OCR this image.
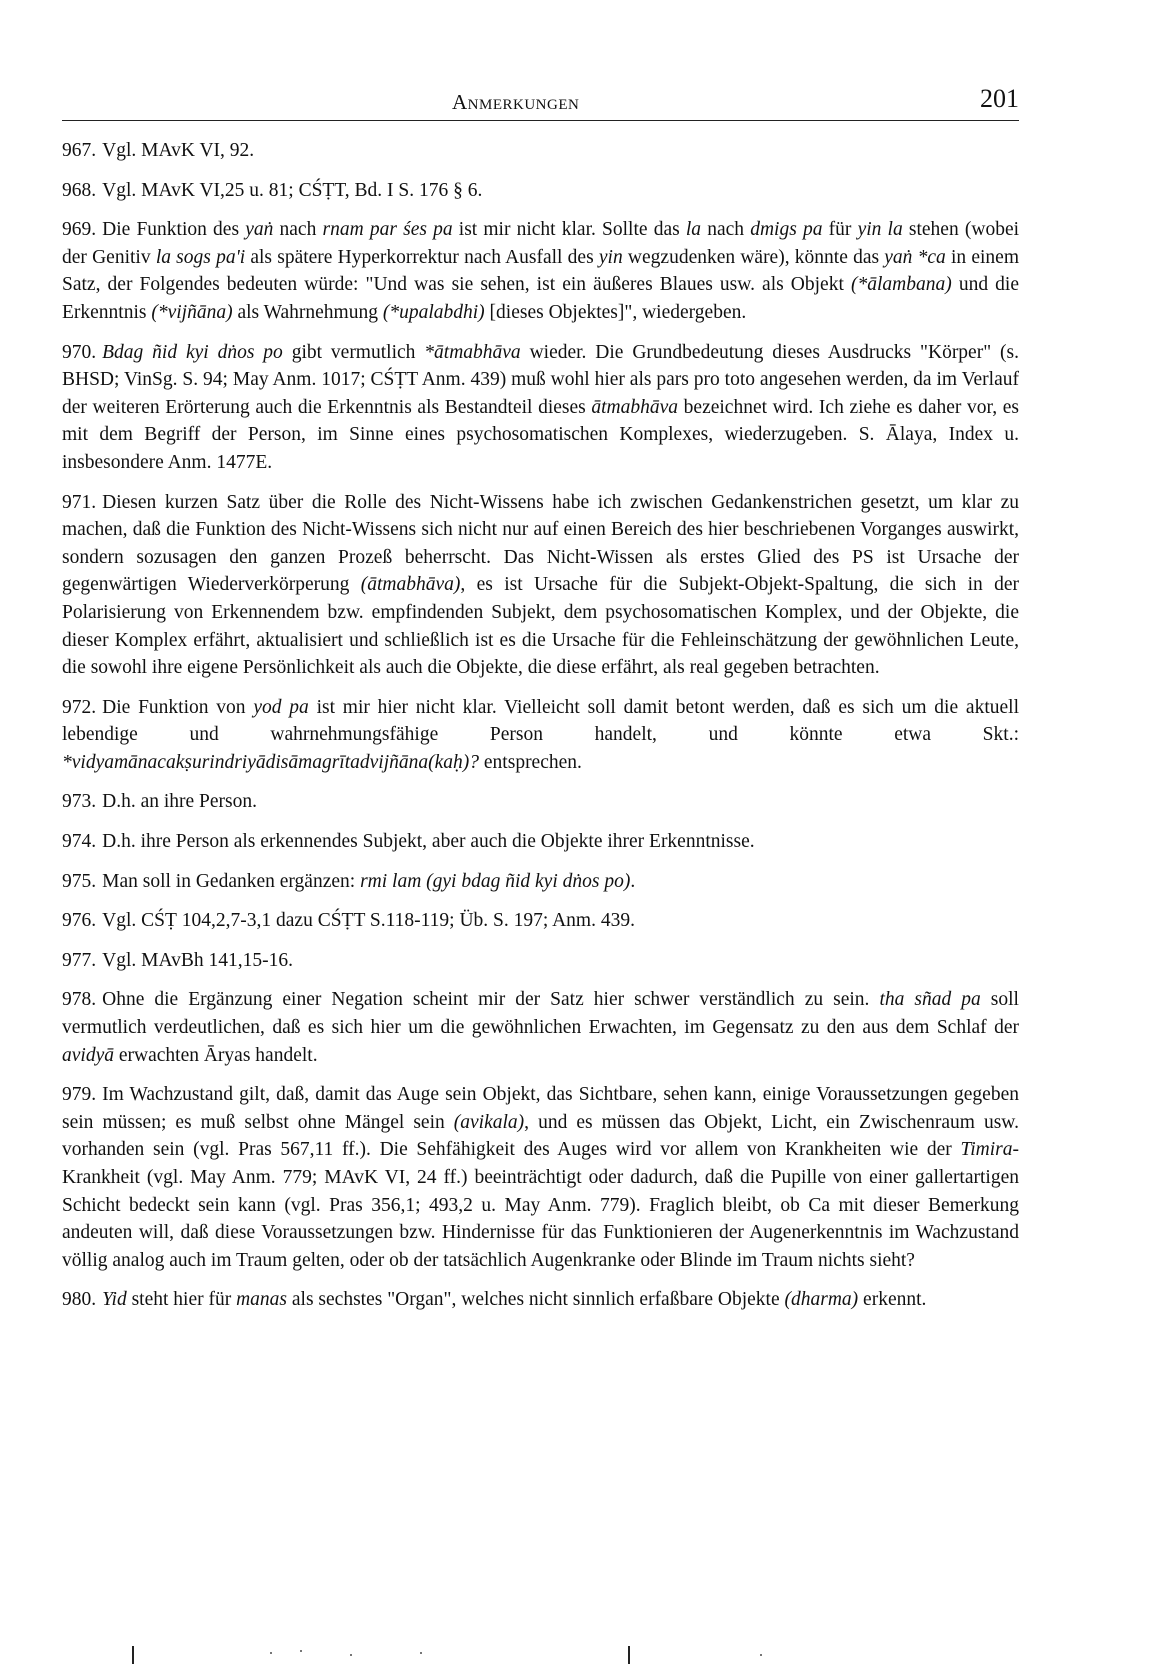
Anmerkungen	201

967. Vgl. MAvK VI, 92.

968. Vgl. MAvK VI,25 u. 81; CŚṬT, Bd. I S. 176 § 6.

969. Die Funktion des yaṅ nach rnam par śes pa ist mir nicht klar. Sollte das la nach dmigs pa für yin la stehen (wobei der Genitiv la sogs pa'i als spätere Hyperkorrektur nach Ausfall des yin wegzudenken wäre), könnte das yaṅ *ca in einem Satz, der Folgendes bedeuten würde: "Und was sie sehen, ist ein äußeres Blaues usw. als Objekt (*ālambana) und die Erkenntnis (*vijñāna) als Wahrnehmung (*upalabdhi) [dieses Objektes]", wiedergeben.

970. Bdag ñid kyi dṅos po gibt vermutlich *ātmabhāva wieder. Die Grundbedeutung dieses Ausdrucks "Körper" (s. BHSD; VinSg. S. 94; May Anm. 1017; CŚṬT Anm. 439) muß wohl hier als pars pro toto angesehen werden, da im Verlauf der weiteren Erörterung auch die Erkenntnis als Bestandteil dieses ātmabhāva bezeichnet wird. Ich ziehe es daher vor, es mit dem Begriff der Person, im Sinne eines psychosomatischen Komplexes, wiederzugeben. S. Ālaya, Index u. insbesondere Anm. 1477E.

971. Diesen kurzen Satz über die Rolle des Nicht-Wissens habe ich zwischen Gedankenstrichen gesetzt, um klar zu machen, daß die Funktion des Nicht-Wissens sich nicht nur auf einen Bereich des hier beschriebenen Vorganges auswirkt, sondern sozusagen den ganzen Prozeß beherrscht. Das Nicht-Wissen als erstes Glied des PS ist Ursache der gegenwärtigen Wiederverkörperung (ātmabhāva), es ist Ursache für die Subjekt-Objekt-Spaltung, die sich in der Polarisierung von Erkennendem bzw. empfindenden Subjekt, dem psychosomatischen Komplex, und der Objekte, die dieser Komplex erfährt, aktualisiert und schließlich ist es die Ursache für die Fehleinschätzung der gewöhnlichen Leute, die sowohl ihre eigene Persönlichkeit als auch die Objekte, die diese erfährt, als real gegeben betrachten.

972. Die Funktion von yod pa ist mir hier nicht klar. Vielleicht soll damit betont werden, daß es sich um die aktuell lebendige und wahrnehmungsfähige Person handelt, und könnte etwa Skt.: *vidyamānacakṣurindriyādisāmagrītadvijñāna(kaḥ)? entsprechen.

973. D.h. an ihre Person.

974. D.h. ihre Person als erkennendes Subjekt, aber auch die Objekte ihrer Erkenntnisse.

975. Man soll in Gedanken ergänzen: rmi lam (gyi bdag ñid kyi dṅos po).

976. Vgl. CŚṬ 104,2,7-3,1 dazu CŚṬT S.118-119; Üb. S. 197; Anm. 439.

977. Vgl. MAvBh 141,15-16.

978. Ohne die Ergänzung einer Negation scheint mir der Satz hier schwer verständlich zu sein. tha sñad pa soll vermutlich verdeutlichen, daß es sich hier um die gewöhnlichen Erwachten, im Gegensatz zu den aus dem Schlaf der avidyā erwachten Āryas handelt.

979. Im Wachzustand gilt, daß, damit das Auge sein Objekt, das Sichtbare, sehen kann, einige Voraussetzungen gegeben sein müssen; es muß selbst ohne Mängel sein (avikala), und es müssen das Objekt, Licht, ein Zwischenraum usw. vorhanden sein (vgl. Pras 567,11 ff.). Die Sehfähigkeit des Auges wird vor allem von Krankheiten wie der Timira-Krankheit (vgl. May Anm. 779; MAvK VI, 24 ff.) beeinträchtigt oder dadurch, daß die Pupille von einer gallertartigen Schicht bedeckt sein kann (vgl. Pras 356,1; 493,2 u. May Anm. 779). Fraglich bleibt, ob Ca mit dieser Bemerkung andeuten will, daß diese Voraussetzungen bzw. Hindernisse für das Funktionieren der Augenerkenntnis im Wachzustand völlig analog auch im Traum gelten, oder ob der tatsächlich Augenkranke oder Blinde im Traum nichts sieht?

980. Yid steht hier für manas als sechstes "Organ", welches nicht sinnlich erfaßbare Objekte (dharma) erkennt.
